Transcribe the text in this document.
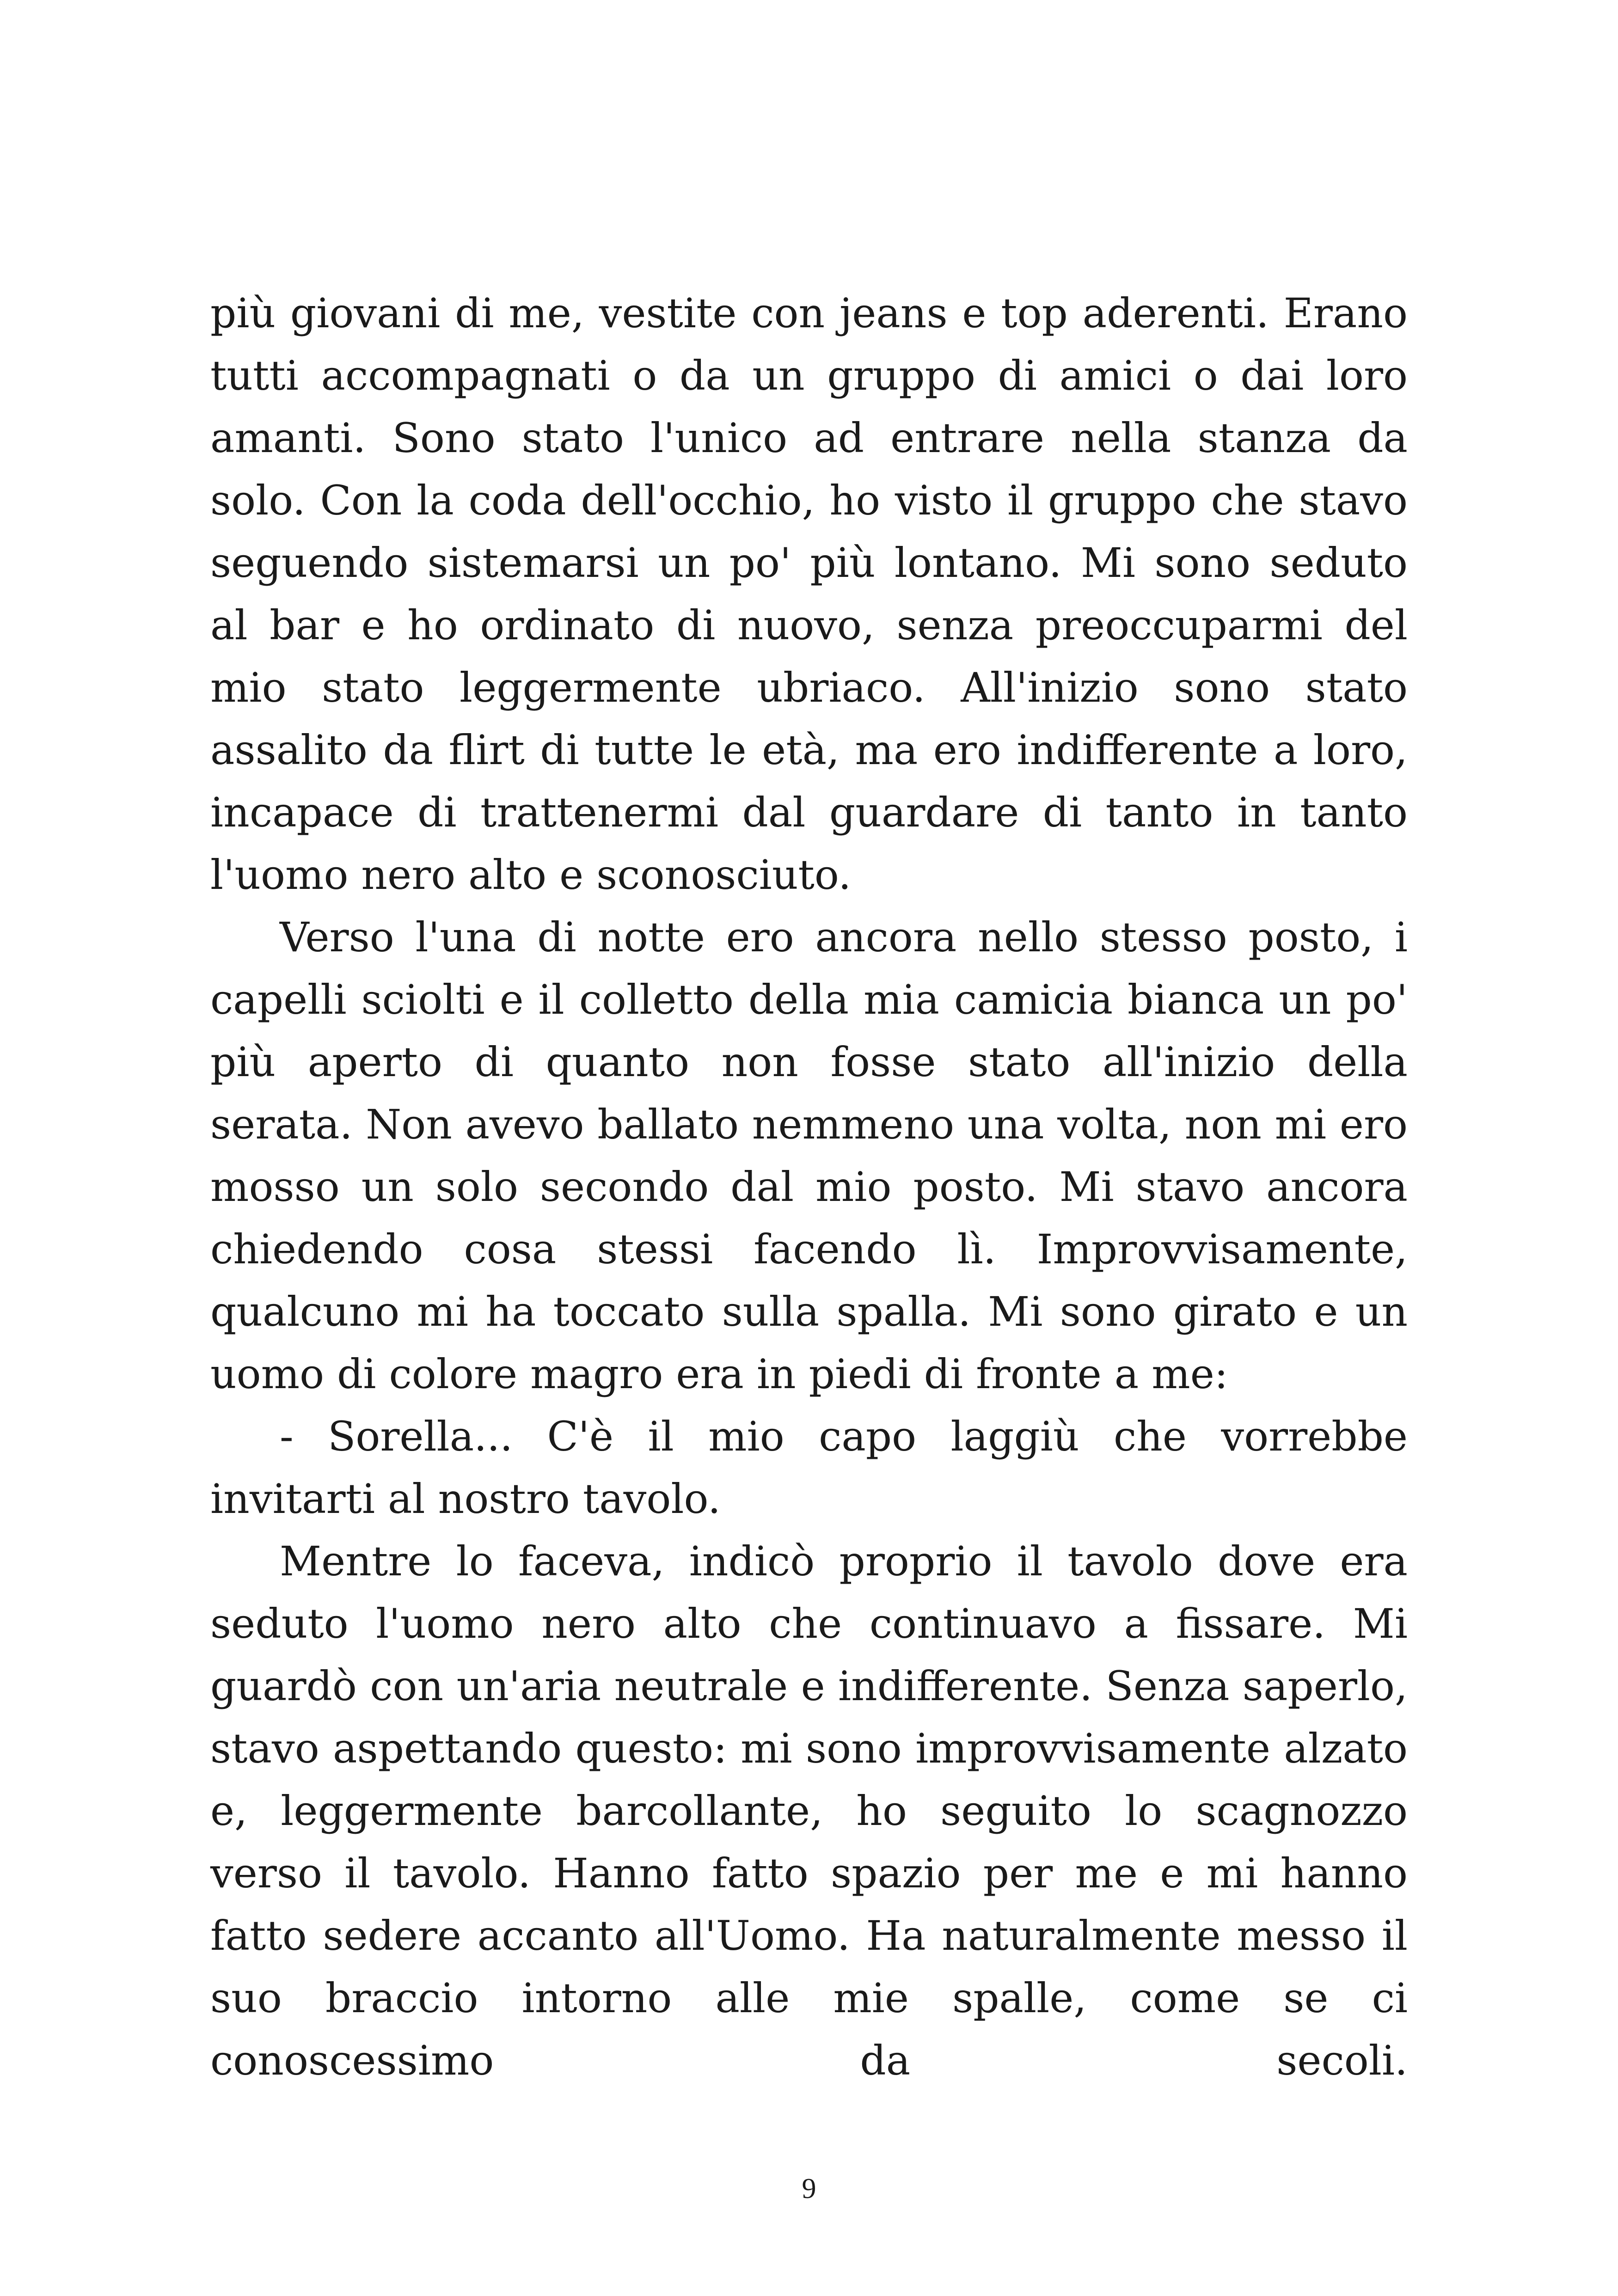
più giovani di me, vestite con jeans e top aderenti. Erano tutti accompagnati o da un gruppo di amici o dai loro amanti. Sono stato l'unico ad entrare nella stanza da solo. Con la coda dell'occhio, ho visto il gruppo che stavo seguendo sistemarsi un po' più lontano. Mi sono seduto al bar e ho ordinato di nuovo, senza preoccuparmi del mio stato leggermente ubriaco. All'inizio sono stato assalito da flirt di tutte le età, ma ero indifferente a loro, incapace di trattenermi dal guardare di tanto in tanto l'uomo nero alto e sconosciuto.

Verso l'una di notte ero ancora nello stesso posto, i capelli sciolti e il colletto della mia camicia bianca un po' più aperto di quanto non fosse stato all'inizio della serata. Non avevo ballato nemmeno una volta, non mi ero mosso un solo secondo dal mio posto. Mi stavo ancora chiedendo cosa stessi facendo lì. Improvvisamente, qualcuno mi ha toccato sulla spalla. Mi sono girato e un uomo di colore magro era in piedi di fronte a me:

- Sorella... C'è il mio capo laggiù che vorrebbe invitarti al nostro tavolo.

Mentre lo faceva, indicò proprio il tavolo dove era seduto l'uomo nero alto che continuavo a fissare. Mi guardò con un'aria neutrale e indifferente. Senza saperlo, stavo aspettando questo: mi sono improvvisamente alzato e, leggermente barcollante, ho seguito lo scagnozzo verso il tavolo. Hanno fatto spazio per me e mi hanno fatto sedere accanto all'Uomo. Ha naturalmente messo il suo braccio intorno alle mie spalle, come se ci conoscessimo da secoli.

9
